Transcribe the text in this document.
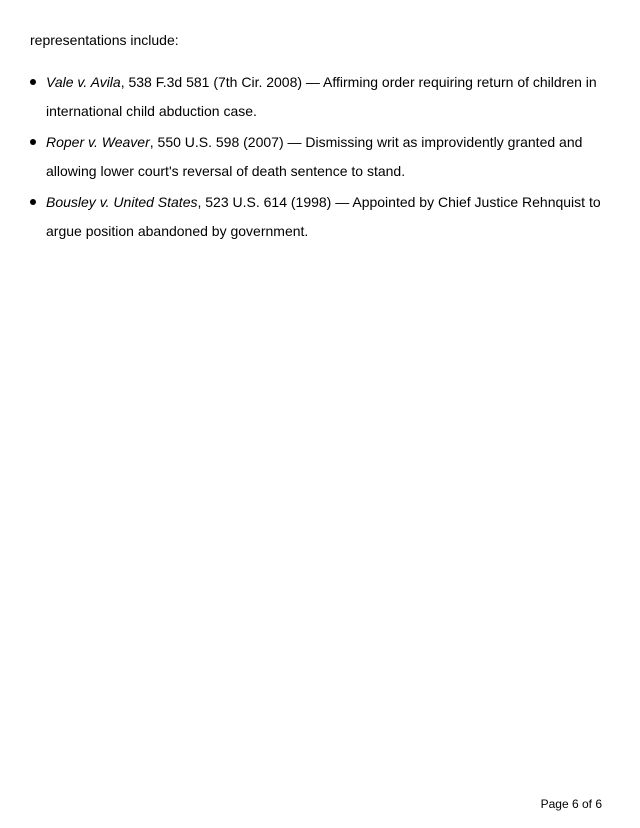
representations include:

Vale v. Avila, 538 F.3d 581 (7th Cir. 2008) — Affirming order requiring return of children in international child abduction case.
Roper v. Weaver, 550 U.S. 598 (2007) — Dismissing writ as improvidently granted and allowing lower court's reversal of death sentence to stand.
Bousley v. United States, 523 U.S. 614 (1998) — Appointed by Chief Justice Rehnquist to argue position abandoned by government.
Page 6 of 6
